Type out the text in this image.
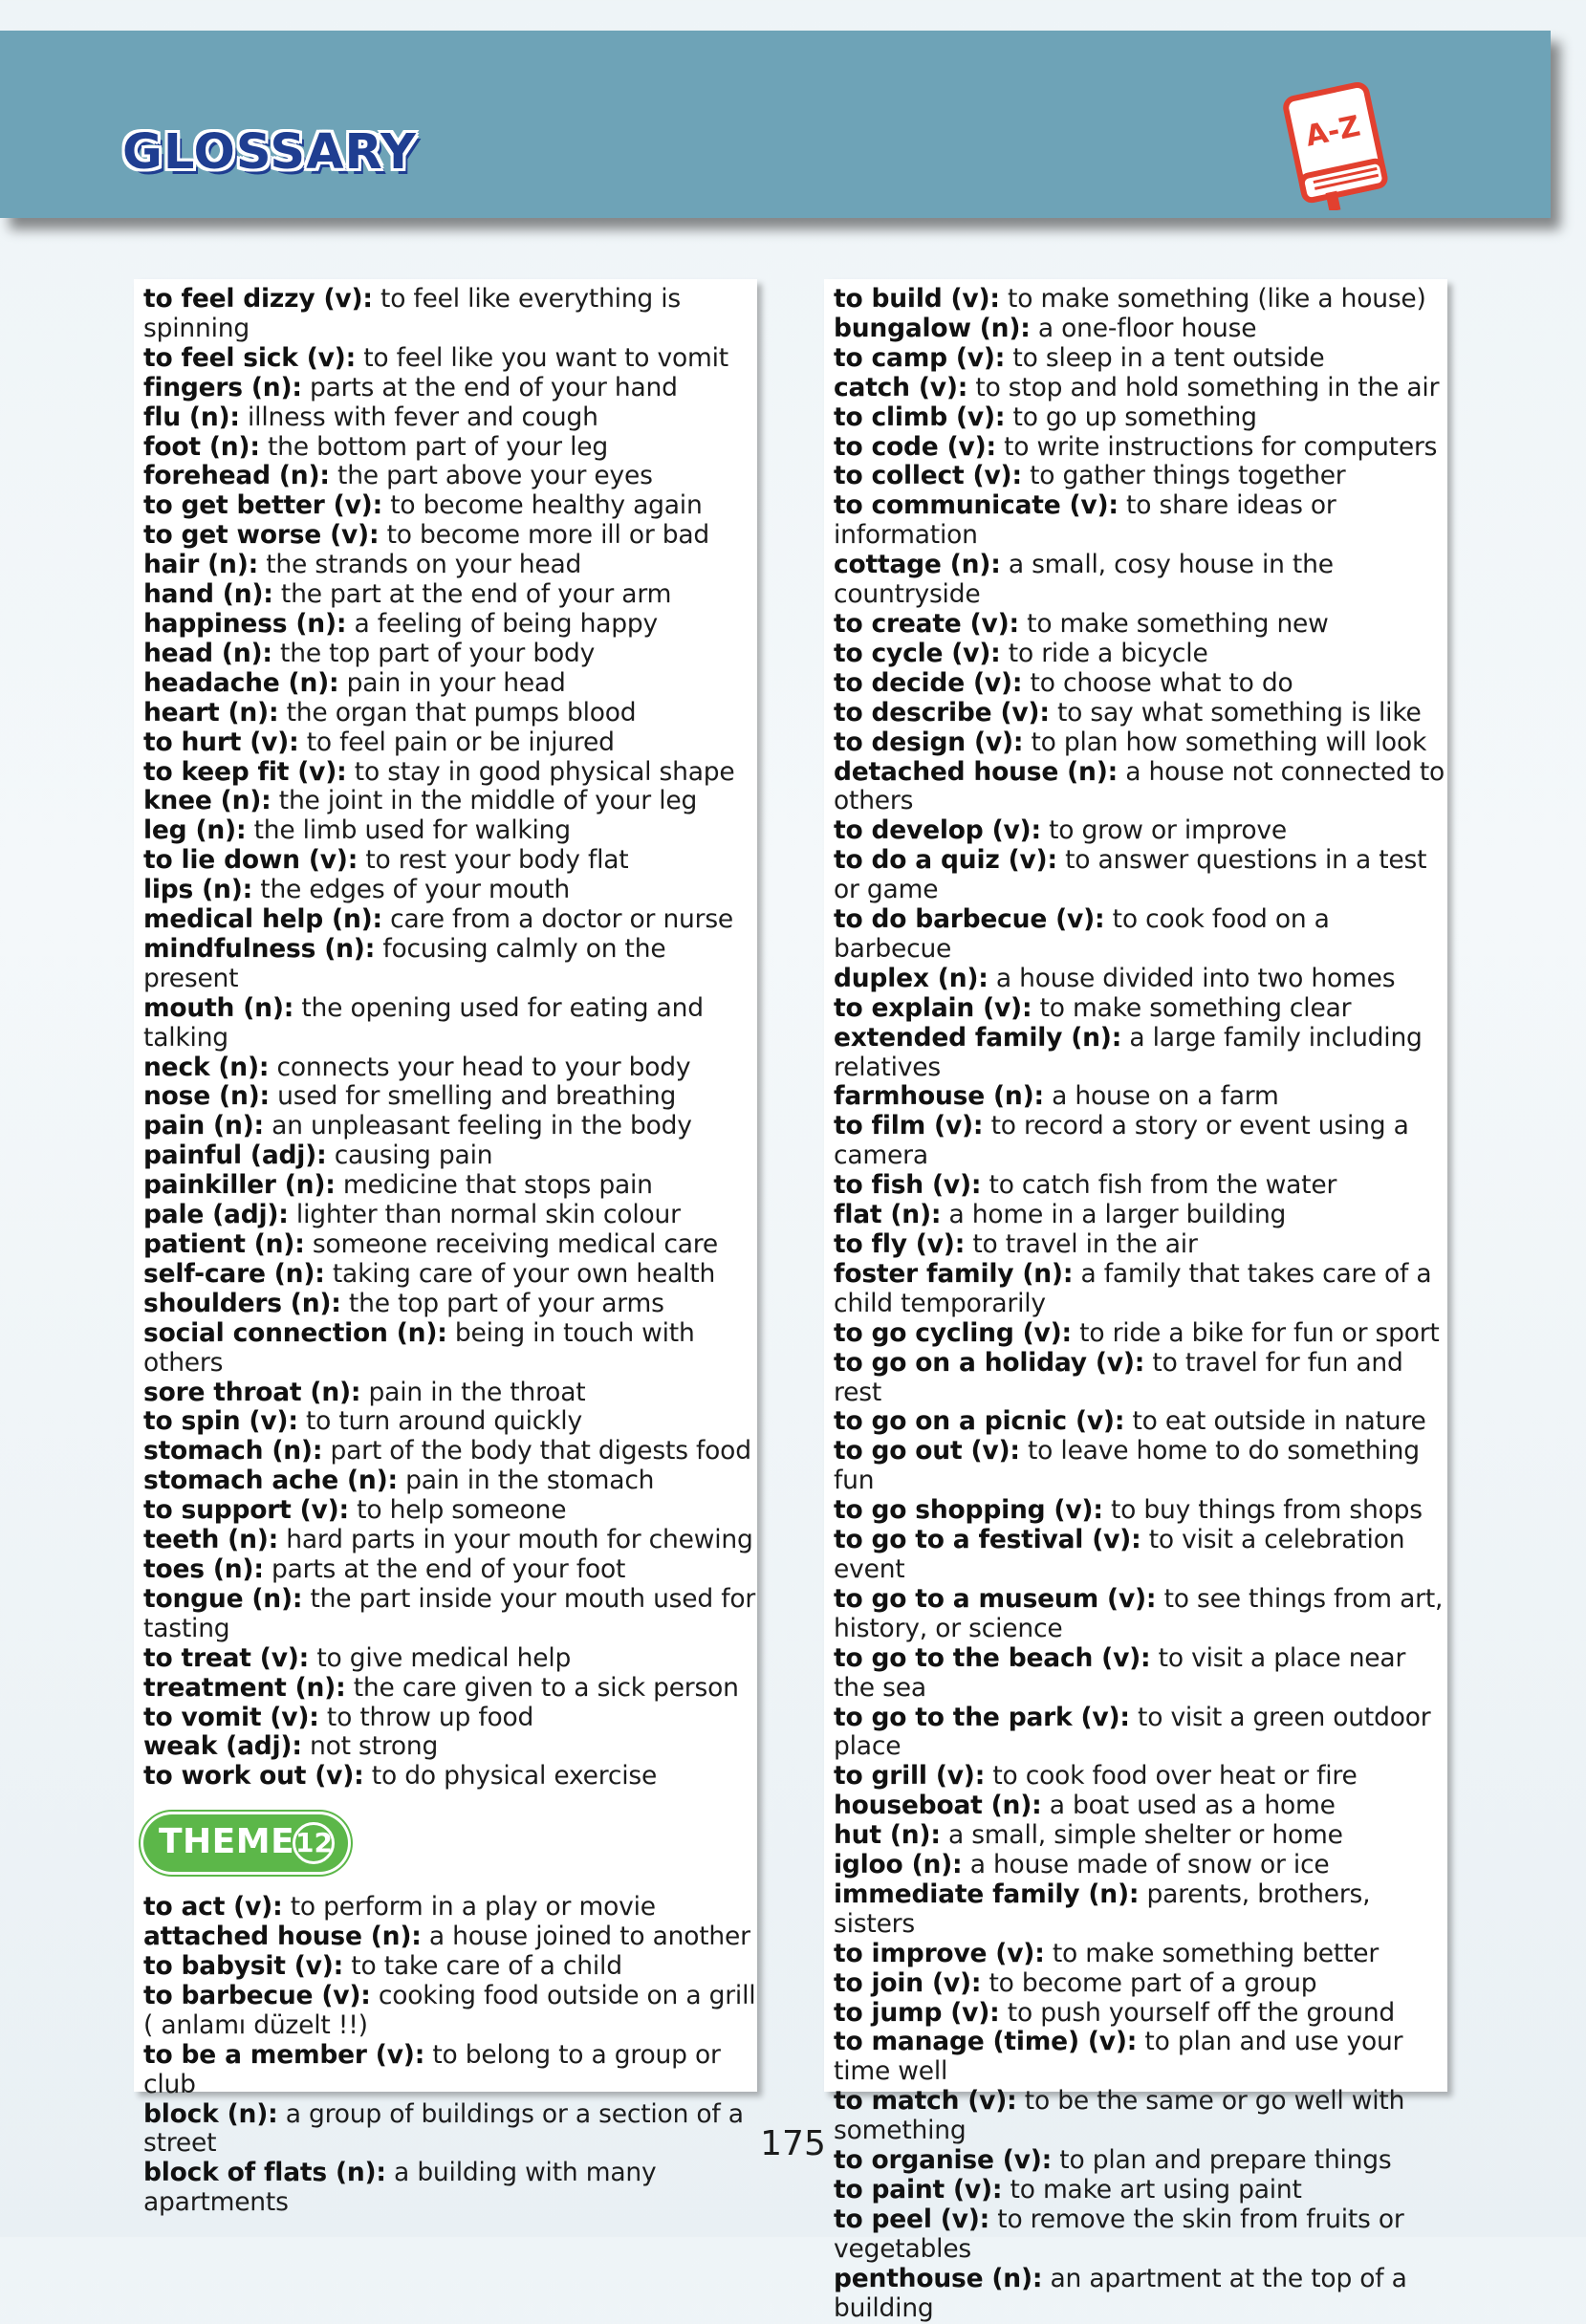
GLOSSARY	A-Z
to feel dizzy (v): to feel like everything is spinning
to feel sick (v): to feel like you want to vomit
fingers (n): parts at the end of your hand
flu (n): illness with fever and cough
foot (n): the bottom part of your leg
forehead (n): the part above your eyes
to get better (v): to become healthy again
to get worse (v): to become more ill or bad
hair (n): the strands on your head
hand (n): the part at the end of your arm
happiness (n): a feeling of being happy
head (n): the top part of your body
headache (n): pain in your head
heart (n): the organ that pumps blood
to hurt (v): to feel pain or be injured
to keep fit (v): to stay in good physical shape
knee (n): the joint in the middle of your leg
leg (n): the limb used for walking
to lie down (v): to rest your body flat
lips (n): the edges of your mouth
medical help (n): care from a doctor or nurse
mindfulness (n): focusing calmly on the present
mouth (n): the opening used for eating and talking
neck (n): connects your head to your body
nose (n): used for smelling and breathing
pain (n): an unpleasant feeling in the body
painful (adj): causing pain
painkiller (n): medicine that stops pain
pale (adj): lighter than normal skin colour
patient (n): someone receiving medical care
self-care (n): taking care of your own health
shoulders (n): the top part of your arms
social connection (n): being in touch with others
sore throat (n): pain in the throat
to spin (v): to turn around quickly
stomach (n): part of the body that digests food
stomach ache (n): pain in the stomach
to support (v): to help someone
teeth (n): hard parts in your mouth for chewing
toes (n): parts at the end of your foot
tongue (n): the part inside your mouth used for tasting
to treat (v): to give medical help
treatment (n): the care given to a sick person
to vomit (v): to throw up food
weak (adj): not strong
to work out (v): to do physical exercise
THEME 12
to act (v): to perform in a play or movie
attached house (n): a house joined to another
to babysit (v): to take care of a child
to barbecue (v): cooking food outside on a grill ( anlamı düzelt !!)
to be a member (v): to belong to a group or club
block (n): a group of buildings or a section of a street
block of flats (n): a building with many apartments
to build (v): to make something (like a house)
bungalow (n): a one-floor house
to camp (v): to sleep in a tent outside
catch (v): to stop and hold something in the air
to climb (v): to go up something
to code (v): to write instructions for computers
to collect (v): to gather things together
to communicate (v): to share ideas or information
cottage (n): a small, cosy house in the countryside
to create (v): to make something new
to cycle (v): to ride a bicycle
to decide (v): to choose what to do
to describe (v): to say what something is like
to design (v): to plan how something will look
detached house (n): a house not connected to others
to develop (v): to grow or improve
to do a quiz (v): to answer questions in a test or game
to do barbecue (v): to cook food on a barbecue
duplex (n): a house divided into two homes
to explain (v): to make something clear
extended family (n): a large family including relatives
farmhouse (n): a house on a farm
to film (v): to record a story or event using a camera
to fish (v): to catch fish from the water
flat (n): a home in a larger building
to fly (v): to travel in the air
foster family (n): a family that takes care of a child temporarily
to go cycling (v): to ride a bike for fun or sport
to go on a holiday (v): to travel for fun and rest
to go on a picnic (v): to eat outside in nature
to go out (v): to leave home to do something fun
to go shopping (v): to buy things from shops
to go to a festival (v): to visit a celebration event
to go to a museum (v): to see things from art, history, or science
to go to the beach (v): to visit a place near the sea
to go to the park (v): to visit a green outdoor place
to grill (v): to cook food over heat or fire
houseboat (n): a boat used as a home
hut (n): a small, simple shelter or home
igloo (n): a house made of snow or ice
immediate family (n): parents, brothers, sisters
to improve (v): to make something better
to join (v): to become part of a group
to jump (v): to push yourself off the ground
to manage (time) (v): to plan and use your time well
to match (v): to be the same or go well with something
to organise (v): to plan and prepare things
to paint (v): to make art using paint
to peel (v): to remove the skin from fruits or vegetables
penthouse (n): an apartment at the top of a building
175
